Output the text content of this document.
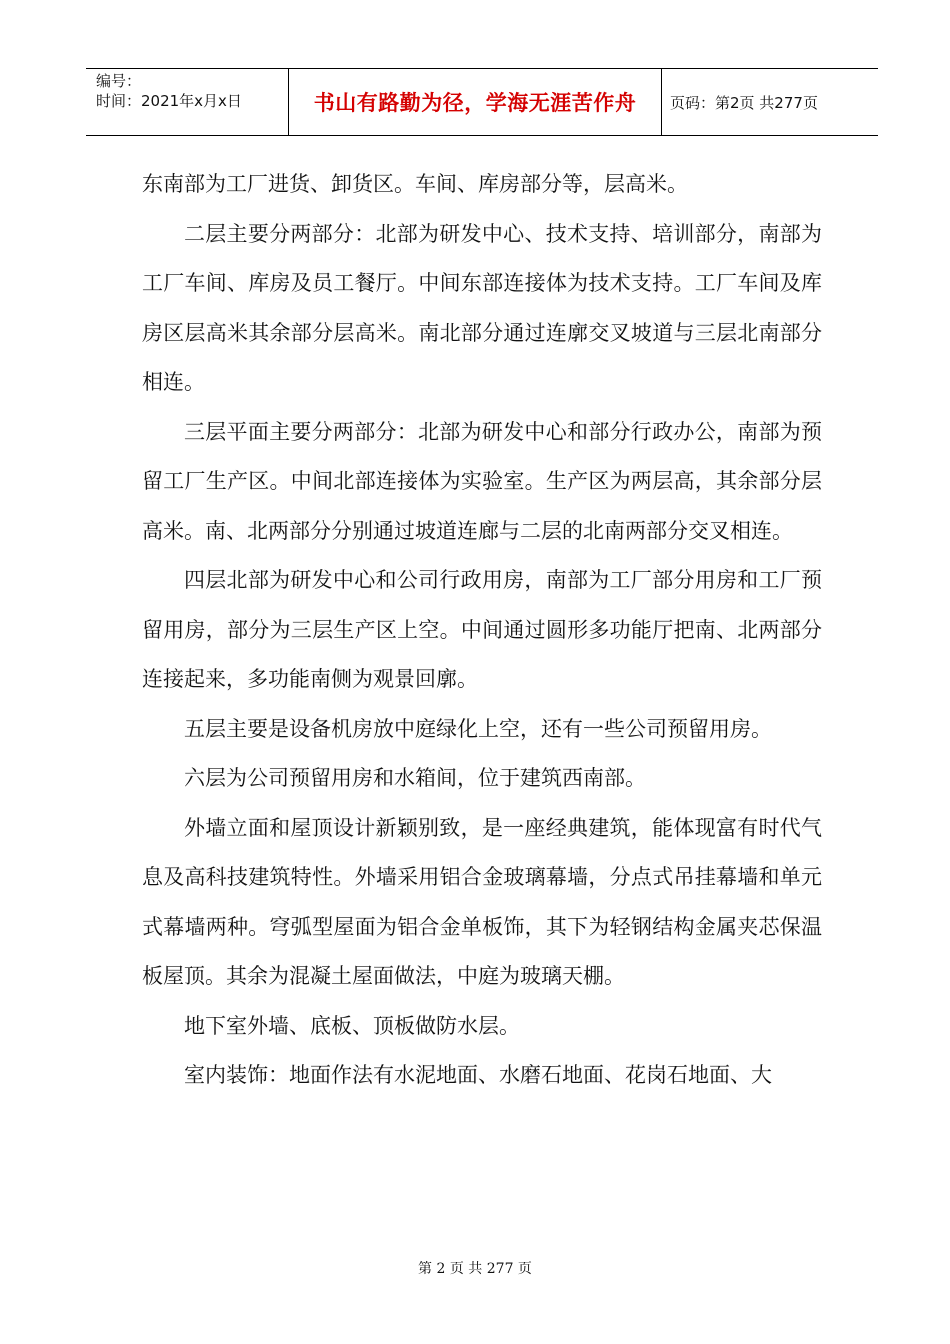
编号：
时间：2021年x月x日	书山有路勤为径，学海无涯苦作舟	页码：第2页 共277页

东南部为工厂进货、卸货区。车间、库房部分等，层高米。

二层主要分两部分：北部为研发中心、技术支持、培训部分，南部为工厂车间、库房及员工餐厅。中间东部连接体为技术支持。工厂车间及库房区层高米其余部分层高米。南北部分通过连廓交叉坡道与三层北南部分相连。

三层平面主要分两部分：北部为研发中心和部分行政办公，南部为预留工厂生产区。中间北部连接体为实验室。生产区为两层高，其余部分层高米。南、北两部分分别通过坡道连廊与二层的北南两部分交叉相连。

四层北部为研发中心和公司行政用房，南部为工厂部分用房和工厂预留用房，部分为三层生产区上空。中间通过圆形多功能厅把南、北两部分连接起来，多功能南侧为观景回廓。

五层主要是设备机房放中庭绿化上空，还有一些公司预留用房。

六层为公司预留用房和水箱间，位于建筑西南部。

外墙立面和屋顶设计新颖别致，是一座经典建筑，能体现富有时代气息及高科技建筑特性。外墙采用铝合金玻璃幕墙，分点式吊挂幕墙和单元式幕墙两种。穹弧型屋面为铝合金单板饰，其下为轻钢结构金属夹芯保温板屋顶。其余为混凝土屋面做法，中庭为玻璃天棚。

地下室外墙、底板、顶板做防水层。

室内装饰：地面作法有水泥地面、水磨石地面、花岗石地面、大

第 2 页 共 277 页
